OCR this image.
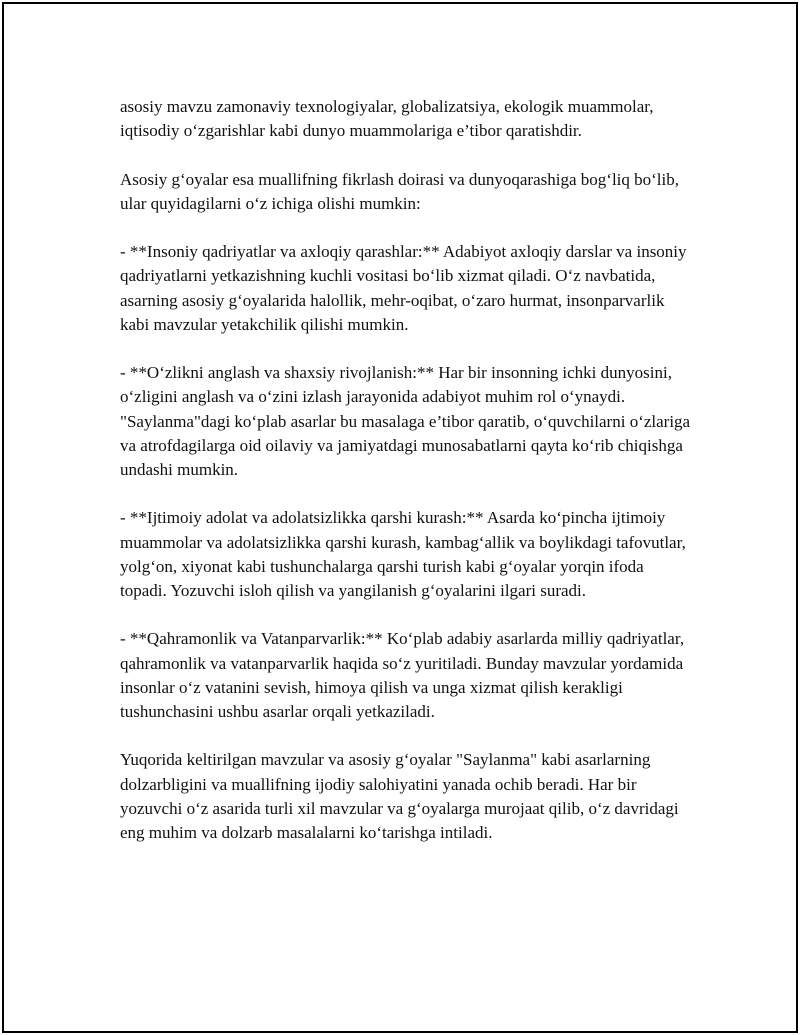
asosiy mavzu zamonaviy texnologiyalar, globalizatsiya, ekologik muammolar, iqtisodiy o‘zgarishlar kabi dunyo muammolariga e’tibor qaratishdir.

Asosiy g‘oyalar esa muallifning fikrlash doirasi va dunyoqarashiga bog‘liq bo‘lib, ular quyidagilarni o‘z ichiga olishi mumkin:

- **Insoniy qadriyatlar va axloqiy qarashlar:** Adabiyot axloqiy darslar va insoniy qadriyatlarni yetkazishning kuchli vositasi bo‘lib xizmat qiladi. O‘z navbatida, asarning asosiy g‘oyalarida halollik, mehr-oqibat, o‘zaro hurmat, insonparvarlik kabi mavzular yetakchilik qilishi mumkin.

- **O‘zlikni anglash va shaxsiy rivojlanish:** Har bir insonning ichki dunyosini, o‘zligini anglash va o‘zini izlash jarayonida adabiyot muhim rol o‘ynaydi. "Saylanma"dagi ko‘plab asarlar bu masalaga e’tibor qaratib, o‘quvchilarni o‘zlariga va atrofdagilarga oid oilaviy va jamiyatdagi munosabatlarni qayta ko‘rib chiqishga undashi mumkin.

- **Ijtimoiy adolat va adolatsizlikka qarshi kurash:** Asarda ko‘pincha ijtimoiy muammolar va adolatsizlikka qarshi kurash, kambag‘allik va boylikdagi tafovutlar, yolg‘on, xiyonat kabi tushunchalarga qarshi turish kabi g‘oyalar yorqin ifoda topadi. Yozuvchi isloh qilish va yangilanish g‘oyalarini ilgari suradi.

- **Qahramonlik va Vatanparvarlik:** Ko‘plab adabiy asarlarda milliy qadriyatlar, qahramonlik va vatanparvarlik haqida so‘z yuritiladi. Bunday mavzular yordamida insonlar o‘z vatanini sevish, himoya qilish va unga xizmat qilish kerakligi tushunchasini ushbu asarlar orqali yetkaziladi.

Yuqorida keltirilgan mavzular va asosiy g‘oyalar "Saylanma" kabi asarlarning dolzarbligini va muallifning ijodiy salohiyatini yanada ochib beradi. Har bir yozuvchi o‘z asarida turli xil mavzular va g‘oyalarga murojaat qilib, o‘z davridagi eng muhim va dolzarb masalalarni ko‘tarishga intiladi.
